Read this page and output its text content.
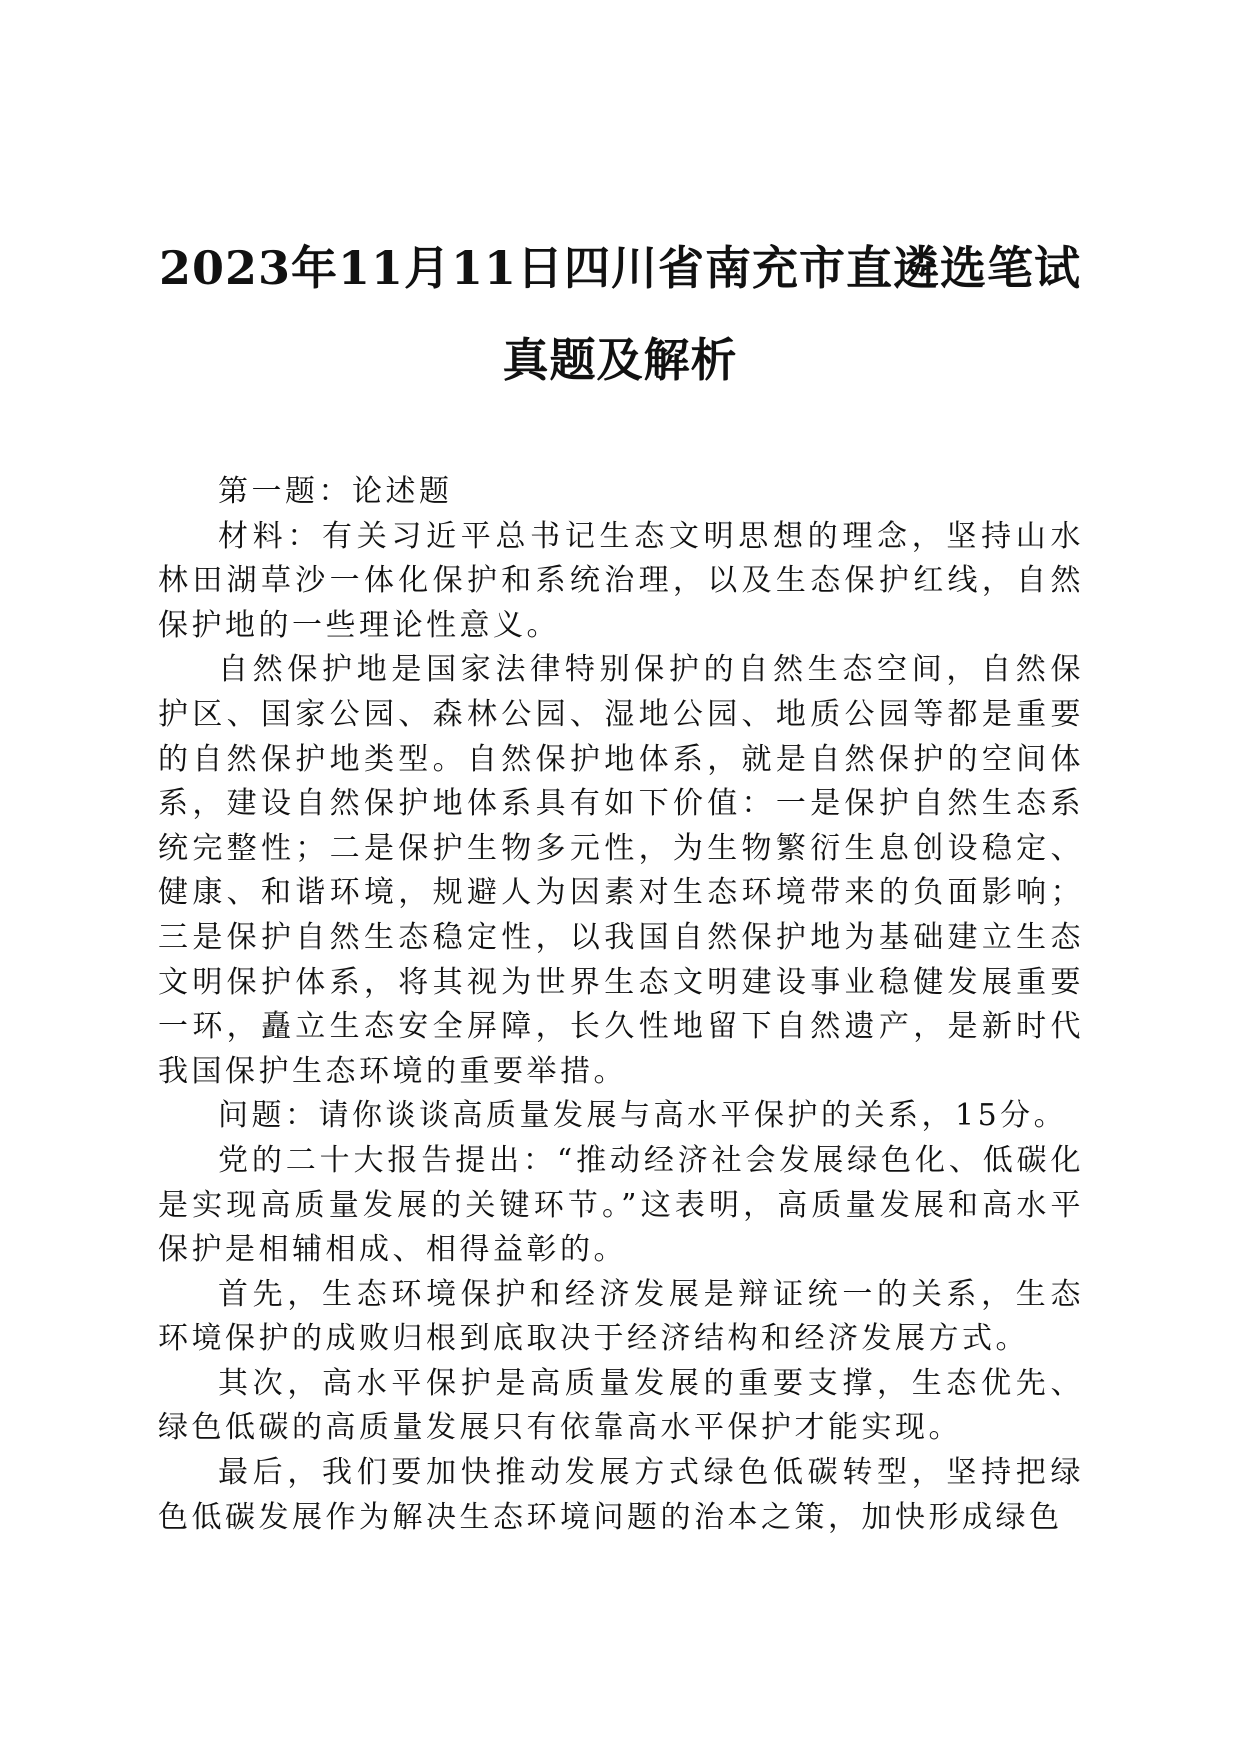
2023年11月11日四川省南充市直遴选笔试真题及解析

第一题：论述题

材料：有关习近平总书记生态文明思想的理念，坚持山水林田湖草沙一体化保护和系统治理，以及生态保护红线，自然保护地的一些理论性意义。

自然保护地是国家法律特别保护的自然生态空间，自然保护区、国家公园、森林公园、湿地公园、地质公园等都是重要的自然保护地类型。自然保护地体系，就是自然保护的空间体系，建设自然保护地体系具有如下价值：一是保护自然生态系统完整性；二是保护生物多元性，为生物繁衍生息创设稳定、健康、和谐环境，规避人为因素对生态环境带来的负面影响；三是保护自然生态稳定性，以我国自然保护地为基础建立生态文明保护体系，将其视为世界生态文明建设事业稳健发展重要一环，矗立生态安全屏障，长久性地留下自然遗产，是新时代我国保护生态环境的重要举措。

问题：请你谈谈高质量发展与高水平保护的关系，15分。

党的二十大报告提出：“推动经济社会发展绿色化、低碳化是实现高质量发展的关键环节。”这表明，高质量发展和高水平保护是相辅相成、相得益彰的。

首先，生态环境保护和经济发展是辩证统一的关系，生态环境保护的成败归根到底取决于经济结构和经济发展方式。

其次，高水平保护是高质量发展的重要支撑，生态优先、绿色低碳的高质量发展只有依靠高水平保护才能实现。

最后，我们要加快推动发展方式绿色低碳转型，坚持把绿色低碳发展作为解决生态环境问题的治本之策，加快形成绿色
